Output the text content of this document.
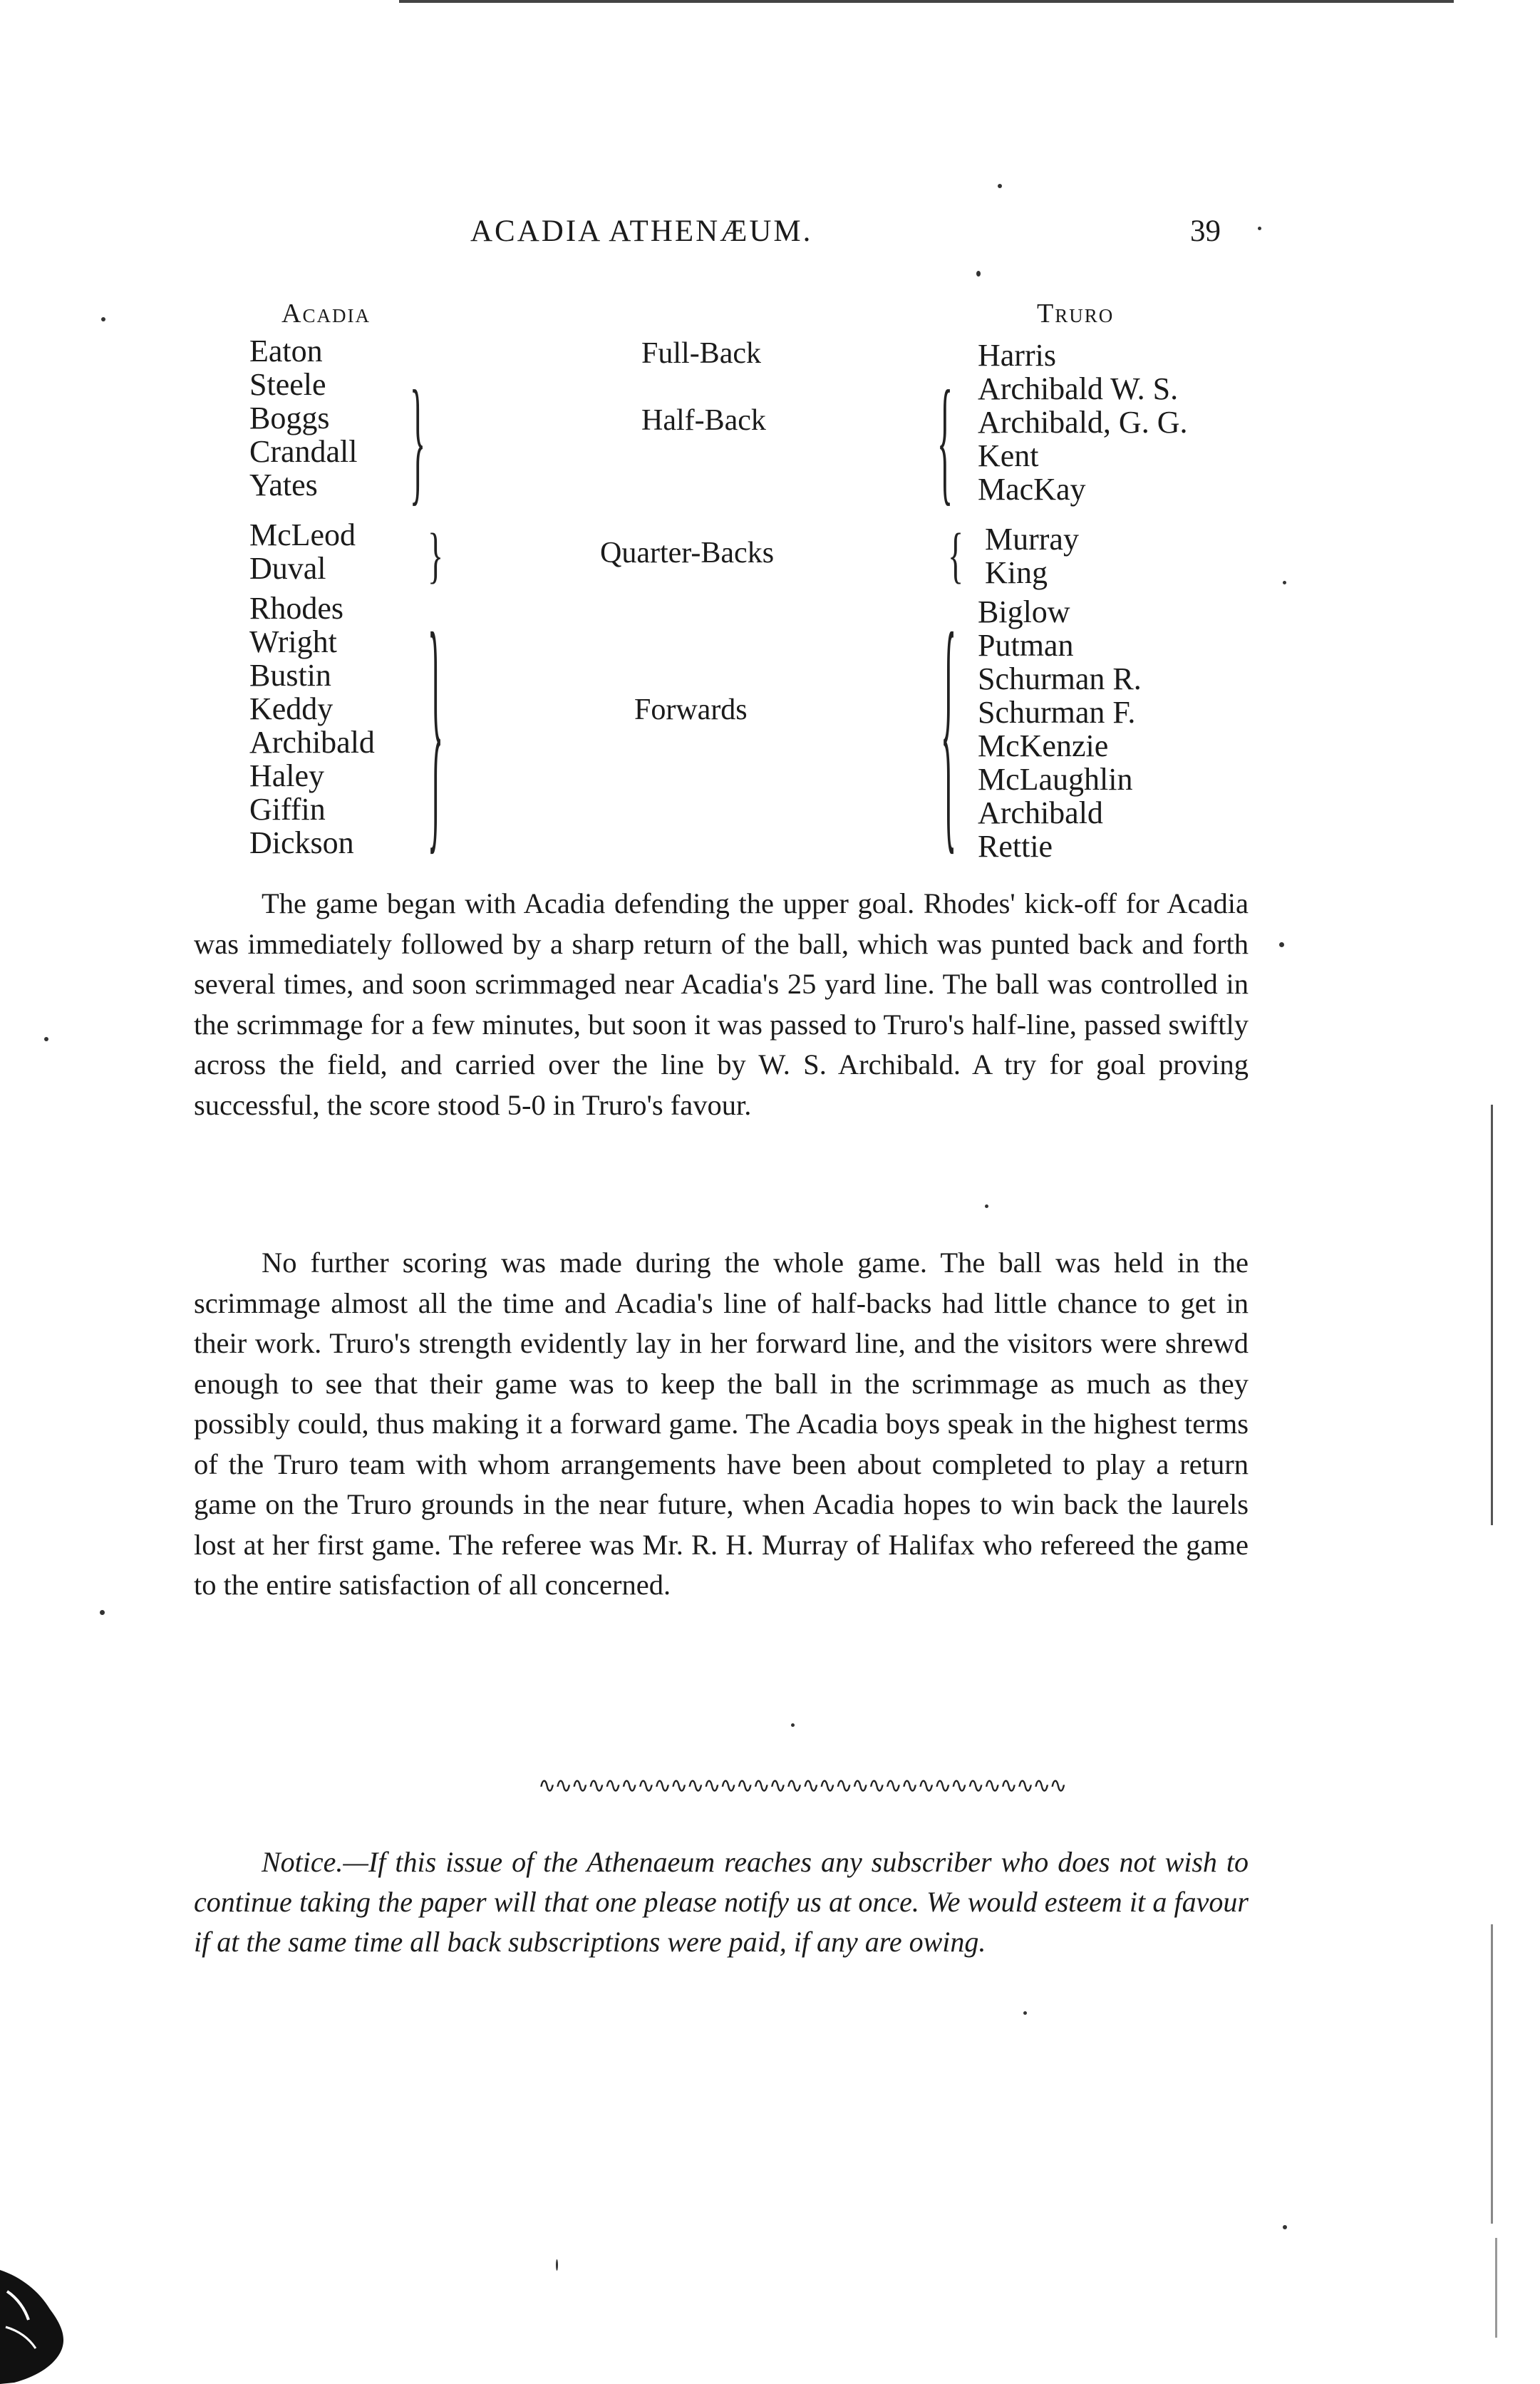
ACADIA ATHENÆUM.	39
Acadia	Truro
Eaton
Steele
Boggs
Crandall
Yates
McLeod
Duval
Rhodes
Wright
Bustin
Keddy
Archibald
Haley
Giffin
Dickson
}
}
}
Full-Back
Half-Back
Quarter-Backs
Forwards
{
{
{
Harris
Archibald W. S.
Archibald, G. G.
Kent
MacKay
Murray
King
Biglow
Putman
Schurman R.
Schurman F.
McKenzie
McLaughlin
Archibald
Rettie

The game began with Acadia defending the upper goal. Rhodes' kick-off for Acadia was immediately followed by a sharp return of the ball, which was punted back and forth several times, and soon scrimmaged near Acadia's 25 yard line. The ball was controlled in the scrimmage for a few minutes, but soon it was passed to Truro's half-line, passed swiftly across the field, and carried over the line by W. S. Archibald. A try for goal proving successful, the score stood 5-0 in Truro's favour.

No further scoring was made during the whole game. The ball was held in the scrimmage almost all the time and Acadia's line of half-backs had little chance to get in their work. Truro's strength evidently lay in her forward line, and the visitors were shrewd enough to see that their game was to keep the ball in the scrimmage as much as they possibly could, thus making it a forward game. The Acadia boys speak in the highest terms of the Truro team with whom arrangements have been about completed to play a return game on the Truro grounds in the near future, when Acadia hopes to win back the laurels lost at her first game. The referee was Mr. R. H. Murray of Halifax who refereed the game to the entire satisfaction of all concerned.

∿∿∿∿∿∿∿∿∿∿∿∿∿∿∿∿∿∿∿∿∿∿∿∿∿∿∿∿∿∿∿∿

Notice.—If this issue of the Athenaeum reaches any subscriber who does not wish to continue taking the paper will that one please notify us at once. We would esteem it a favour if at the same time all back subscriptions were paid, if any are owing.
